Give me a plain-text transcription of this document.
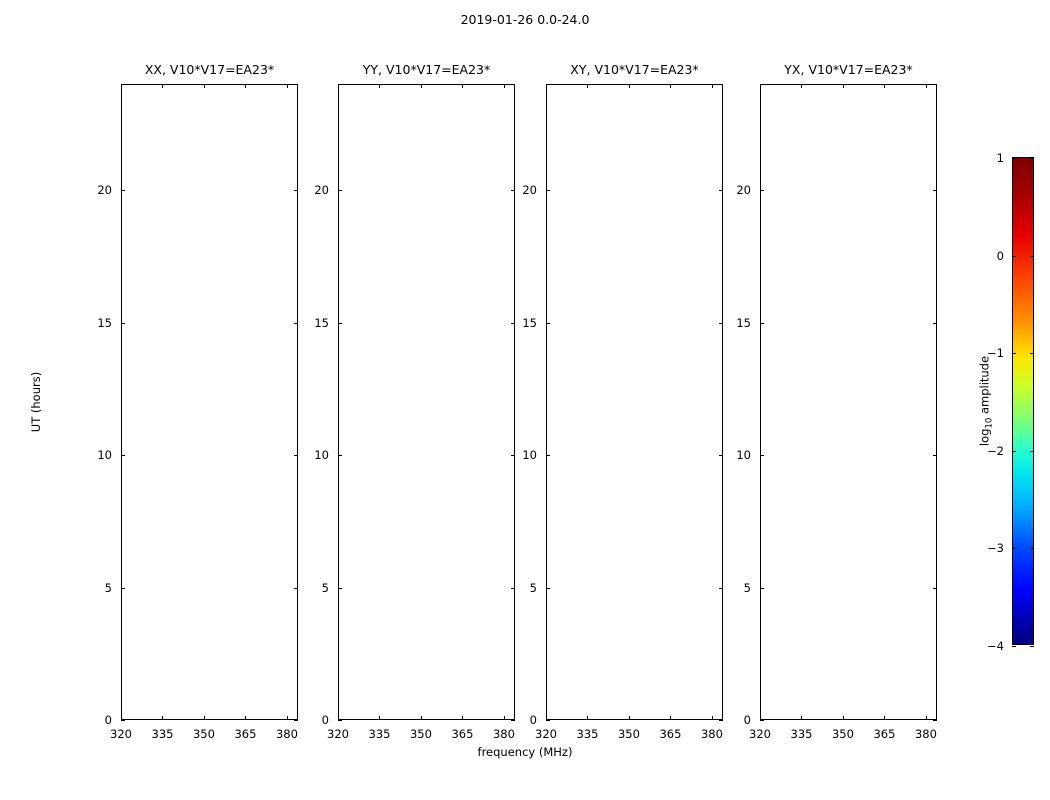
2019-01-26 0.0-24.0
XX, V10*V17=EA23*
320 335 350 365 380
0
5
10
15
20
YY, V10*V17=EA23*
320 335 350 365 380
0
5
10
15
20
XY, V10*V17=EA23*
320 335 350 365 380
0
5
10
15
20
YX, V10*V17=EA23*
320 335 350 365 380
0
5
10
15
20
frequency (MHz)
UT (hours)
−4
−3
−2
−1
0
1
$\log_{10}$ amplitude
